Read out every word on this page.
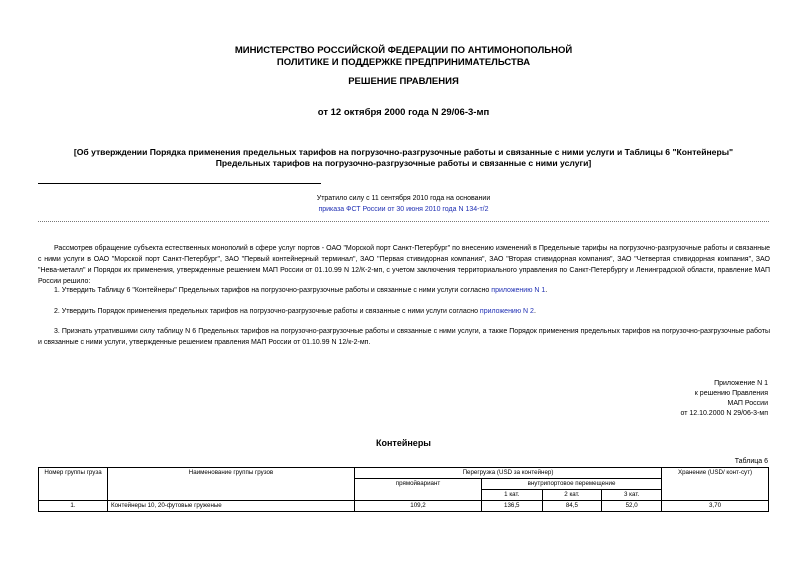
МИНИСТЕРСТВО РОССИЙСКОЙ ФЕДЕРАЦИИ ПО АНТИМОНОПОЛЬНОЙ
ПОЛИТИКЕ И ПОДДЕРЖКЕ ПРЕДПРИНИМАТЕЛЬСТВА
РЕШЕНИЕ ПРАВЛЕНИЯ
от 12 октября 2000 года N 29/06-3-мп
[Об утверждении Порядка применения предельных тарифов на погрузочно-разгрузочные работы и связанные с ними услуги и Таблицы 6 "Контейнеры"
Предельных тарифов на погрузочно-разгрузочные работы и связанные с ними услуги]
Утратило силу с 11 сентября 2010 года на основании
приказа ФСТ России от 30 июня 2010 года N 134-т/2
Рассмотрев обращение субъекта естественных монополий в сфере услуг портов - ОАО "Морской порт Санкт-Петербург" по внесению изменений в Предельные тарифы на погрузочно-разгрузочные работы и связанные с ними услуги в ОАО "Морской порт Санкт-Петербург", ЗАО "Первый контейнерный терминал", ЗАО "Первая стивидорная компания", ЗАО "Вторая стивидорная компания", ЗАО "Четвертая стивидорная компания", ЗАО "Нева-металл" и Порядок их применения, утвержденные решением МАП России от 01.10.99 N 12/К-2-мп, с учетом заключения территориального управления по Санкт-Петербургу и Ленинградской области, правление МАП России решило:
1. Утвердить Таблицу 6 "Контейнеры" Предельных тарифов на погрузочно-разгрузочные работы и связанные с ними услуги согласно приложению N 1.
2. Утвердить Порядок применения предельных тарифов на погрузочно-разгрузочные работы и связанные с ними услуги согласно приложению N 2.
3. Признать утратившими силу таблицу N 6 Предельных тарифов на погрузочно-разгрузочные работы и связанные с ними услуги, а также Порядок применения предельных тарифов на погрузочно-разгрузочные работы и связанные с ними услуги, утвержденные решением правления МАП России от 01.10.99 N 12/к-2-мп.
Приложение N 1
к решению Правления
МАП России
от 12.10.2000 N 29/06-3-мп
Контейнеры
Таблица 6
Номер группы груза	Наименование группы грузов	Перегрузка (USD за контейнер)				Хранение (USD/ конт-сут)
		прямойвариант	внутрипортовое перемещение			
			1 кат.	2 кат.	3 кат.	
1.	Контейнеры 10, 20-футовые груженые	109,2	136,5	84,5	52,0	3,70
